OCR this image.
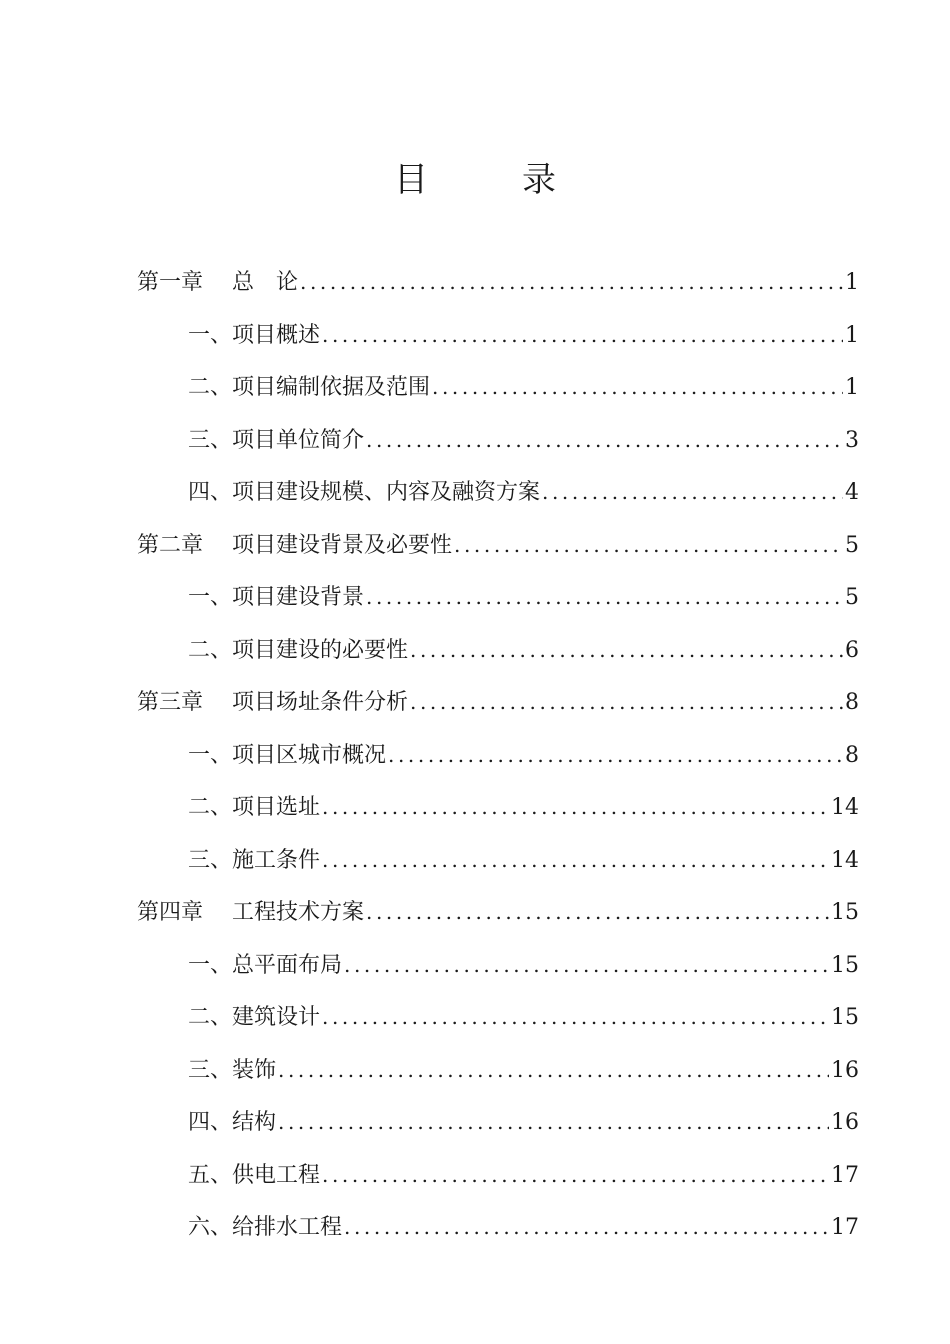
目　录
第一章　 总　论 .....	1
一、项目概述 .....	1
二、项目编制依据及范围 .....	1
三、项目单位简介 .....	3
四、项目建设规模、内容及融资方案 .....	4
第二章　 项目建设背景及必要性 .....	5
一、项目建设背景 .....	5
二、项目建设的必要性 .....	6
第三章　 项目场址条件分析 .....	8
一、项目区城市概况 .....	8
二、项目选址 .....	14
三、施工条件 .....	14
第四章　 工程技术方案 .....	15
一、总平面布局 .....	15
二、建筑设计 .....	15
三、装饰 .....	16
四、结构 .....	16
五、供电工程 .....	17
六、给排水工程 .....	17
